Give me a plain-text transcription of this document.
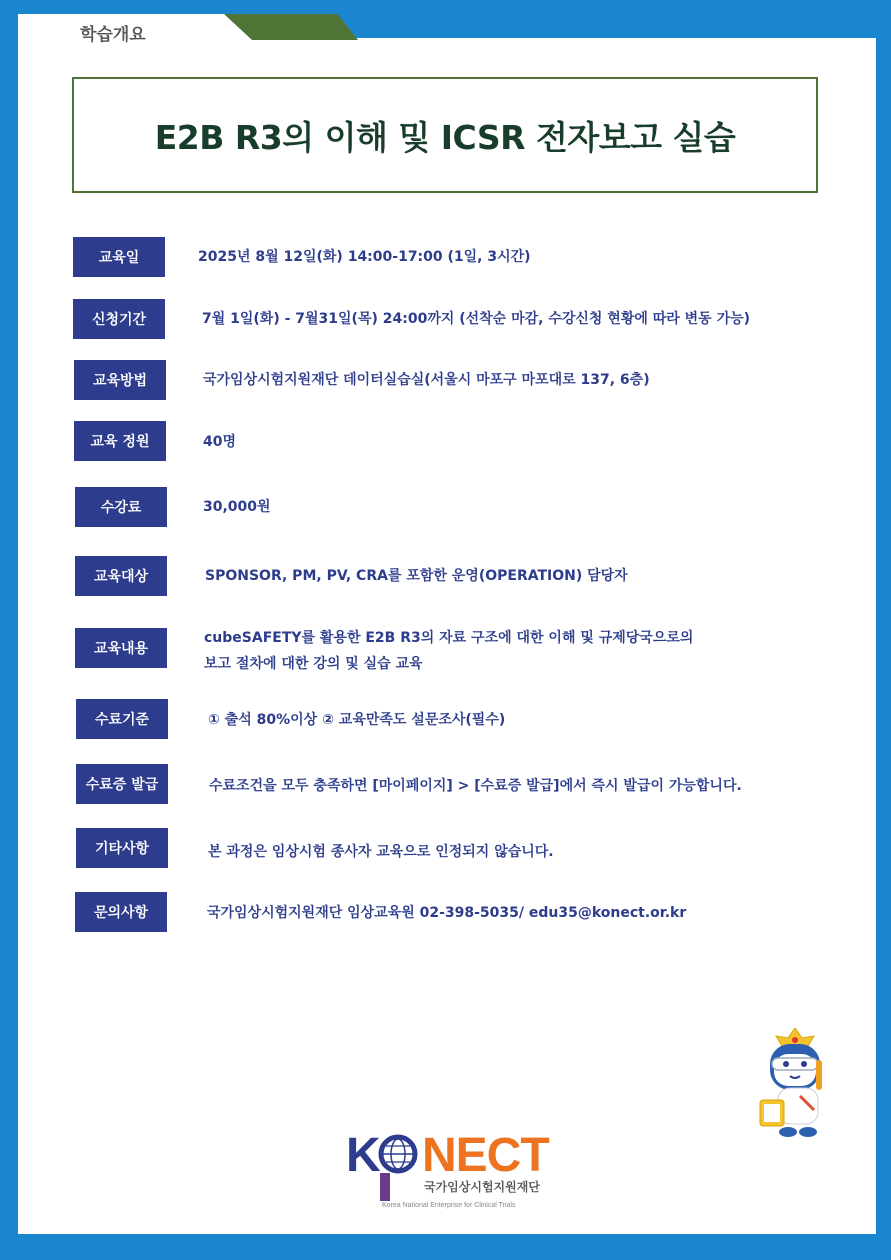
학습개요
E2B R3의 이해 및 ICSR 전자보고 실습
교육일	2025년 8월 12일(화) 14:00-17:00 (1일, 3시간)
신청기간	7월 1일(화) - 7월31일(목) 24:00까지 (선착순 마감, 수강신청 현황에 따라 변동 가능)
교육방법	국가임상시험지원재단 데이터실습실(서울시 마포구 마포대로 137, 6층)
교육 정원	40명
수강료	30,000원
교육대상	SPONSOR, PM, PV, CRA를 포함한 운영(OPERATION) 담당자
교육내용
cubeSAFETY를 활용한 E2B R3의 자료 구조에 대한 이해 및 규제당국으로의
보고 절차에 대한 강의 및 실습 교육
수료기준	① 출석 80%이상 ② 교육만족도 설문조사(필수)
수료증 발급	수료조건을 모두 충족하면 [마이페이지] > [수료증 발급]에서 즉시 발급이 가능합니다.
기타사항	본 과정은 임상시험 종사자 교육으로 인정되지 않습니다.
문의사항	국가임상시험지원재단 임상교육원 02-398-5035/ edu35@konect.or.kr
K NECT
국가임상시험지원재단
Korea National Enterprise for Clinical Trials
